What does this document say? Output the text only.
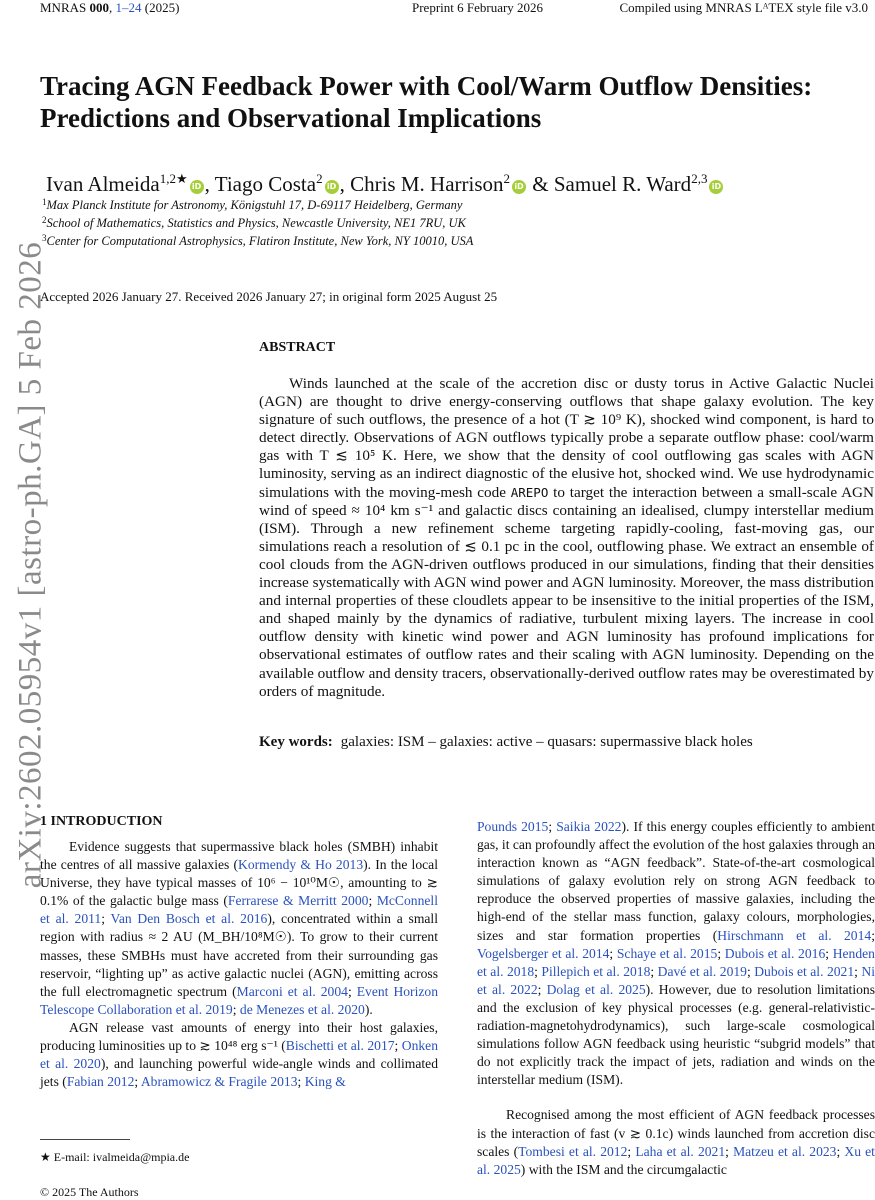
MNRAS 000, 1–24 (2025)	Preprint 6 February 2026	Compiled using MNRAS LᴬTEX style file v3.0
arXiv:2602.05954v1 [astro-ph.GA] 5 Feb 2026
Tracing AGN Feedback Power with Cool/Warm Outflow Densities:
Predictions and Observational Implications
Ivan Almeida$^{1,2★}$iD , Tiago Costa$^2$iD , Chris M. Harrison$^2$iD & Samuel R. Ward$^{2,3}$iD
$^1$Max Planck Institute for Astronomy, Königstuhl 17, D-69117 Heidelberg, Germany
$^2$School of Mathematics, Statistics and Physics, Newcastle University, NE1 7RU, UK
$^3$Center for Computational Astrophysics, Flatiron Institute, New York, NY 10010, USA
Accepted 2026 January 27. Received 2026 January 27; in original form 2025 August 25
ABSTRACT
Winds launched at the scale of the accretion disc or dusty torus in Active Galactic Nuclei (AGN) are thought to drive energy-conserving outflows that shape galaxy evolution. The key signature of such outflows, the presence of a hot (T ≳ 10⁹ K), shocked wind component, is hard to detect directly. Observations of AGN outflows typically probe a separate outflow phase: cool/warm gas with T ≲ 10⁵ K. Here, we show that the density of cool outflowing gas scales with AGN luminosity, serving as an indirect diagnostic of the elusive hot, shocked wind. We use hydrodynamic simulations with the moving-mesh code AREPO to target the interaction between a small-scale AGN wind of speed ≈ 10⁴ km s⁻¹ and galactic discs containing an idealised, clumpy interstellar medium (ISM). Through a new refinement scheme targeting rapidly-cooling, fast-moving gas, our simulations reach a resolution of ≲ 0.1 pc in the cool, outflowing phase. We extract an ensemble of cool clouds from the AGN-driven outflows produced in our simulations, finding that their densities increase systematically with AGN wind power and AGN luminosity. Moreover, the mass distribution and internal properties of these cloudlets appear to be insensitive to the initial properties of the ISM, and shaped mainly by the dynamics of radiative, turbulent mixing layers. The increase in cool outflow density with kinetic wind power and AGN luminosity has profound implications for observational estimates of outflow rates and their scaling with AGN luminosity. Depending on the available outflow and density tracers, observationally-derived outflow rates may be overestimated by orders of magnitude.
Key words: galaxies: ISM – galaxies: active – quasars: supermassive black holes
1 INTRODUCTION

Evidence suggests that supermassive black holes (SMBH) inhabit the centres of all massive galaxies (Kormendy & Ho 2013). In the local Universe, they have typical masses of 10⁶ − 10¹⁰M☉, amounting to ≳ 0.1% of the galactic bulge mass (Ferrarese & Merritt 2000; McConnell et al. 2011; Van Den Bosch et al. 2016), concentrated within a small region with radius ≈ 2 AU (M_BH/10⁸M☉). To grow to their current masses, these SMBHs must have accreted from their surrounding gas reservoir, “lighting up” as active galactic nuclei (AGN), emitting across the full electromagnetic spectrum (Marconi et al. 2004; Event Horizon Telescope Collaboration et al. 2019; de Menezes et al. 2020).

AGN release vast amounts of energy into their host galaxies, producing luminosities up to ≳ 10⁴⁸ erg s⁻¹ (Bischetti et al. 2017; Onken et al. 2020), and launching powerful wide-angle winds and collimated jets (Fabian 2012; Abramowicz & Fragile 2013; King &

Pounds 2015; Saikia 2022). If this energy couples efficiently to ambient gas, it can profoundly affect the evolution of the host galaxies through an interaction known as “AGN feedback”. State-of-the-art cosmological simulations of galaxy evolution rely on strong AGN feedback to reproduce the observed properties of massive galaxies, including the high-end of the stellar mass function, galaxy colours, morphologies, sizes and star formation properties (Hirschmann et al. 2014; Vogelsberger et al. 2014; Schaye et al. 2015; Dubois et al. 2016; Henden et al. 2018; Pillepich et al. 2018; Davé et al. 2019; Dubois et al. 2021; Ni et al. 2022; Dolag et al. 2025). However, due to resolution limitations and the exclusion of key physical processes (e.g. general-relativistic-radiation-magnetohydrodynamics), such large-scale cosmological simulations follow AGN feedback using heuristic “subgrid models” that do not explicitly track the impact of jets, radiation and winds on the interstellar medium (ISM).

Recognised among the most efficient of AGN feedback processes is the interaction of fast (v ≳ 0.1c) winds launched from accretion disc scales (Tombesi et al. 2012; Laha et al. 2021; Matzeu et al. 2023; Xu et al. 2025) with the ISM and the circumgalactic

★ E-mail: ivalmeida@mpia.de
© 2025 The Authors
